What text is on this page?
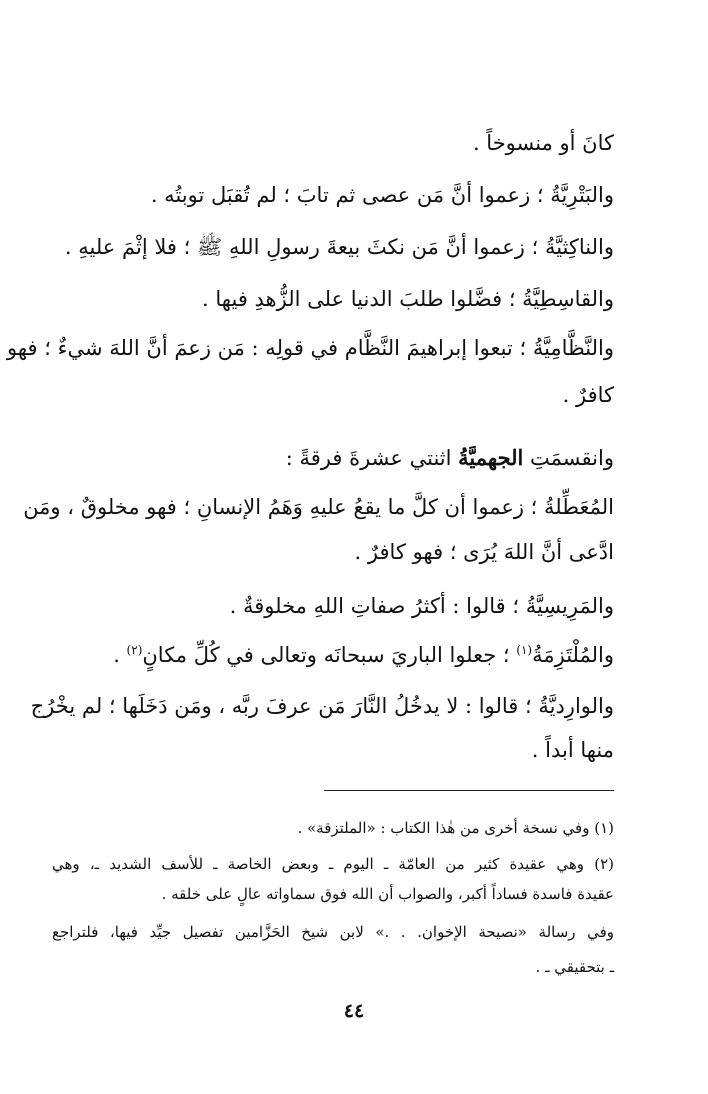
كانَ أو منسوخاً .
والبَتْرِيَّةُ ؛ زعموا أنَّ مَن عصى ثم تابَ ؛ لم تُقبَل توبتُه .
والناكِثيَّةُ ؛ زعموا أنَّ مَن نكثَ بيعةَ رسولِ اللهِ ﷺ ؛ فلا إثْمَ عليهِ .
والقاسِطِيَّةُ ؛ فضَّلوا طلبَ الدنيا على الزُّهدِ فيها .
والنَّظَّامِيَّةُ ؛ تبعوا إبراهيمَ النَّظَّام في قولِه : مَن زعمَ أنَّ اللهَ شيءٌ ؛ فهو
كافرٌ .
وانقسمَتِ الجهميَّةُ اثنتي عشرةَ فرقةً :
المُعَطِّلةُ ؛ زعموا أن كلَّ ما يقعُ عليهِ وَهَمُ الإنسانِ ؛ فهو مخلوقٌ ، ومَن
ادَّعى أنَّ اللهَ يُرَى ؛ فهو كافرٌ .
والمَرِيسِيَّةُ ؛ قالوا : أكثرُ صفاتِ اللهِ مخلوقةٌ .
والمُلْتَزِمَةُ$^{(١)}$ ؛ جعلوا الباريَ سبحانَه وتعالى في كُلِّ مكانٍ$^{(٢)}$ .
والوارِديَّةُ ؛ قالوا : لا يدخُلُ النَّارَ مَن عرفَ ربَّه ، ومَن دَخَلَها ؛ لم يخْرُج
منها أبداً .
(١) وفي نسخة أخرى من هٰذا الكتاب : «الملتزقة» .
(٢) وهي عقيدة كثير من العامّة ـ اليوم ـ وبعض الخاصة ـ للأسف الشديد ـ، وهي
عقيدة فاسدة فساداً أكبر، والصواب أن الله فوق سماواته عالٍ على خلقه .
وفي رسالة «نصيحة الإخوان. . .» لابن شيخ الحَزَّامين تفصيل جيِّد فيها، فلتراجع
ـ بتحقيقي ـ .
٤٤
